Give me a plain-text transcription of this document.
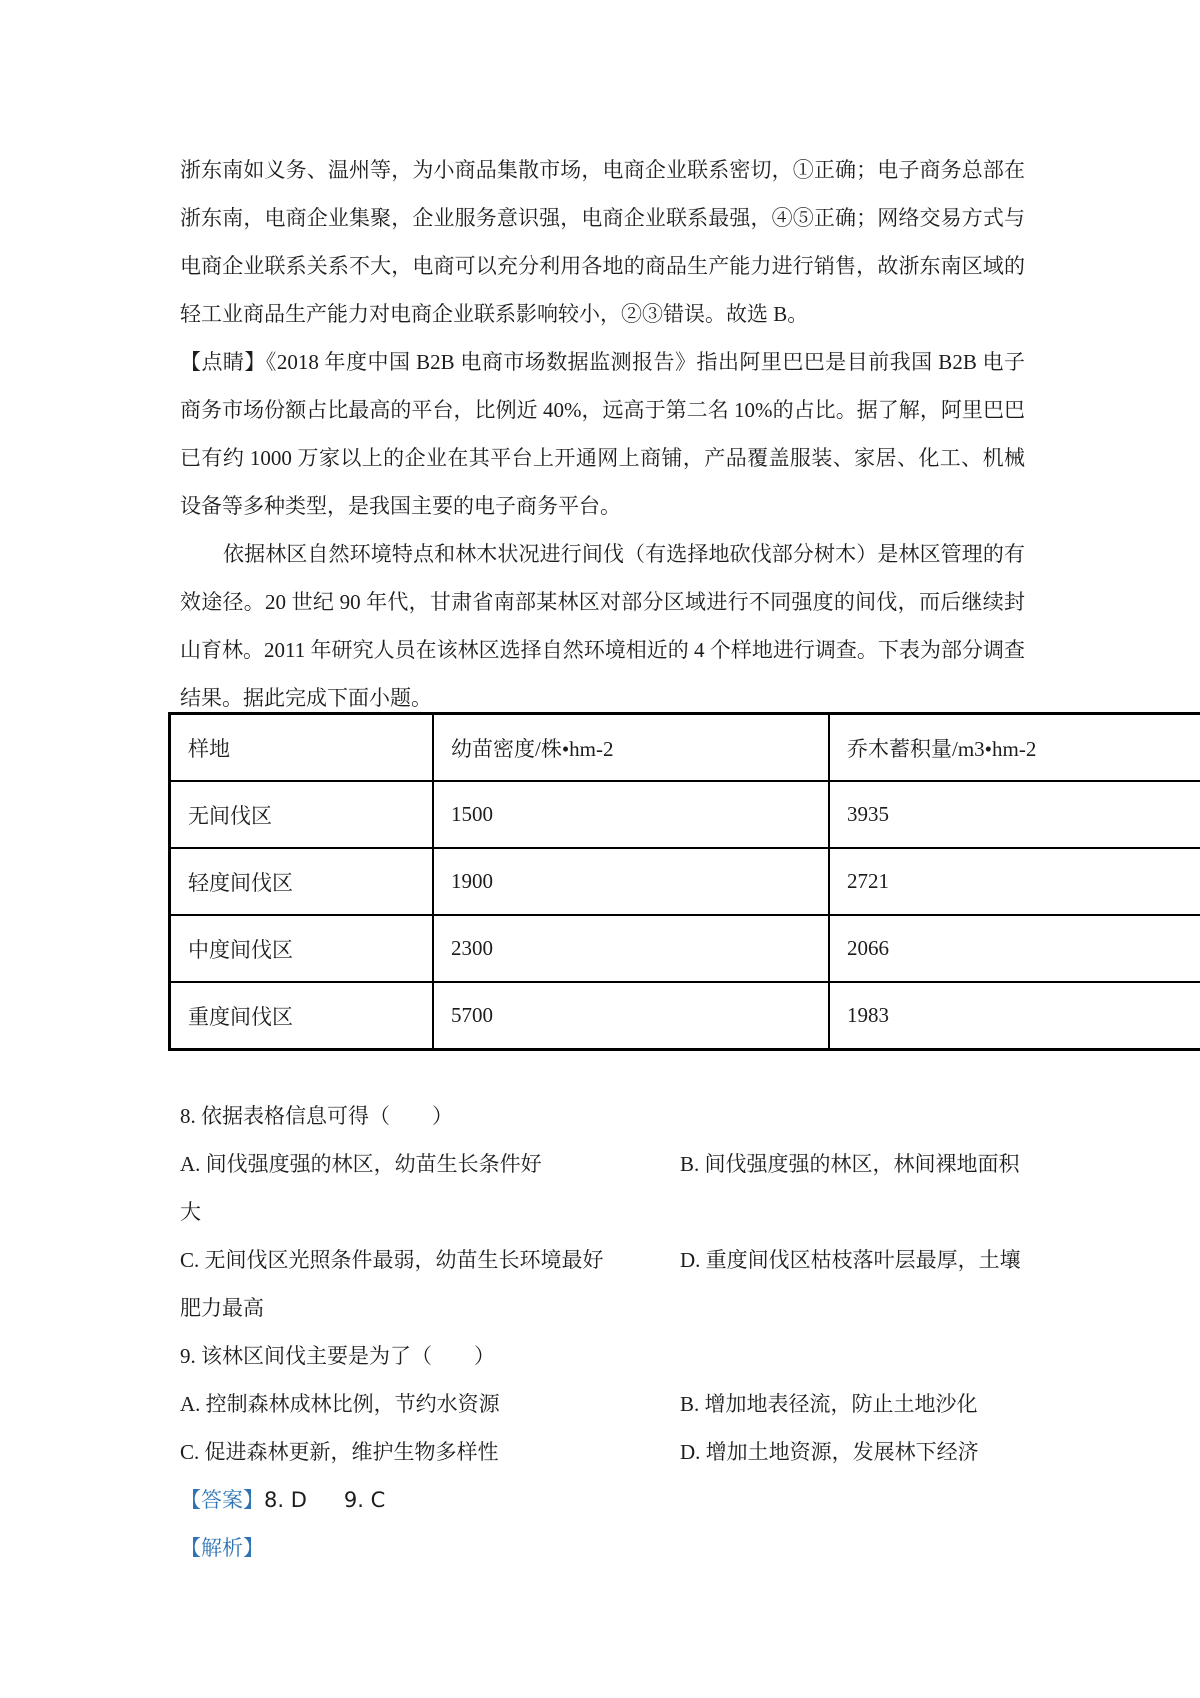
浙东南如义务、温州等，为小商品集散市场，电商企业联系密切，①正确；电子商务总部在浙东南，电商企业集聚，企业服务意识强，电商企业联系最强，④⑤正确；网络交易方式与电商企业联系关系不大，电商可以充分利用各地的商品生产能力进行销售，故浙东南区域的轻工业商品生产能力对电商企业联系影响较小，②③错误。故选 B。

【点睛】《2018 年度中国 B2B 电商市场数据监测报告》指出阿里巴巴是目前我国 B2B 电子商务市场份额占比最高的平台，比例近 40%，远高于第二名 10%的占比。据了解，阿里巴巴已有约 1000 万家以上的企业在其平台上开通网上商铺，产品覆盖服装、家居、化工、机械设备等多种类型，是我国主要的电子商务平台。

依据林区自然环境特点和林木状况进行间伐（有选择地砍伐部分树木）是林区管理的有效途径。20 世纪 90 年代，甘肃省南部某林区对部分区域进行不同强度的间伐，而后继续封山育林。2011 年研究人员在该林区选择自然环境相近的 4 个样地进行调查。下表为部分调查结果。据此完成下面小题。

样地	幼苗密度/株•hm-2	乔木蓄积量/m3•hm-2
无间伐区	1500	3935
轻度间伐区	1900	2721
中度间伐区	2300	2066
重度间伐区	5700	1983

8. 依据表格信息可得（　　）

A. 间伐强度强的林区，幼苗生长条件好	B. 间伐强度强的林区，林间裸地面积
大
C. 无间伐区光照条件最弱，幼苗生长环境最好	D. 重度间伐区枯枝落叶层最厚，土壤
肥力最高

9. 该林区间伐主要是为了（　　）

A. 控制森林成林比例，节约水资源	B. 增加地表径流，防止土地沙化
C. 促进森林更新，维护生物多样性	D. 增加土地资源，发展林下经济

【答案】8. D 9. C

【解析】
